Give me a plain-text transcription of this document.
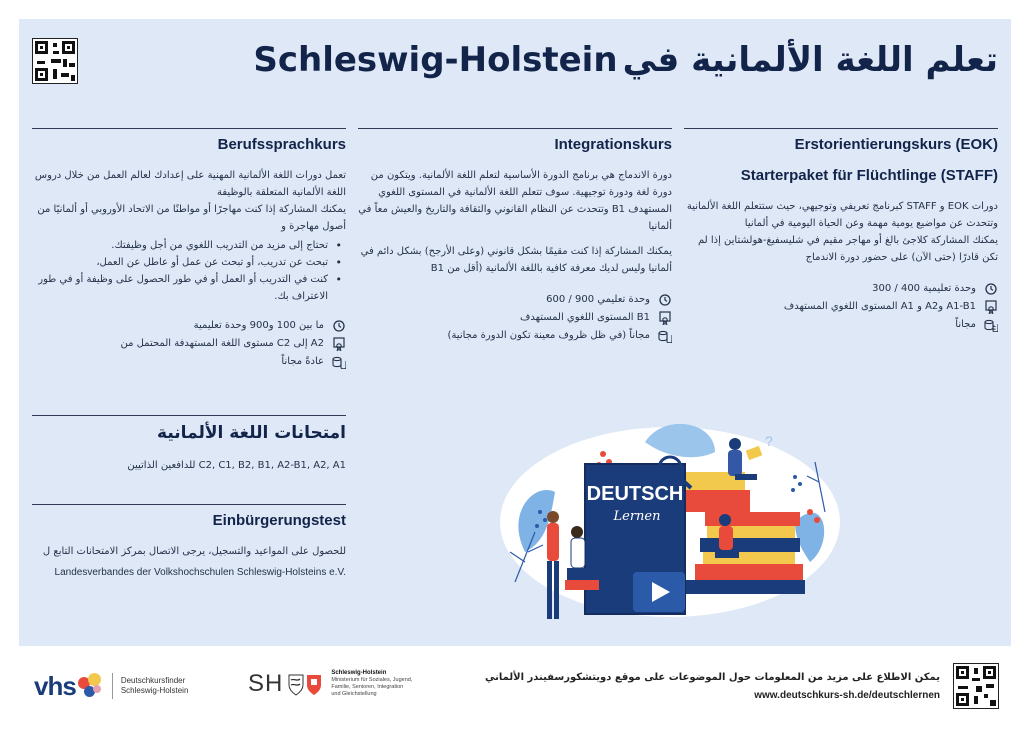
تعلم اللغة الألمانية في Schleswig-Holstein
Erstorientierungskurs (EOK)
Starterpaket für Flüchtlinge (STAFF)

دورات EOK و STAFF كبرنامج تعريفي وتوجيهي، حيث ستتعلم اللغة الألمانية وتتحدث عن مواضيع يومية مهمة وعن الحياة اليومية في ألمانيا

يمكنك المشاركة كلاجئ بالغ أو مهاجر مقيم في شليسفيغ-هولشتاين إذا لم تكن قادرًا (حتى الآن) على حضور دورة الاندماج

وحدة تعليمية 400 / 300
A1-B1 وA2 و A1 المستوى اللغوي المستهدف
مجاناً
Integrationskurs

دورة الاندماج هي برنامج الدورة الأساسية لتعلم اللغة الألمانية. ويتكون من دورة لغة ودورة توجيهية. سوف تتعلم اللغة الألمانية في المستوى اللغوي المستهدف B1 وتتحدث عن النظام القانوني والثقافة والتاريخ والعيش معاً في ألمانيا

يمكنك المشاركة إذا كنت مقيمًا بشكل قانوني (وعلى الأرجح) بشكل دائم في ألمانيا وليس لديك معرفة كافية باللغة الألمانية (أقل من B1

وحدة تعليمي 900 / 600
B1 المستوى اللغوي المستهدف
مجاناً (في ظل ظروف معينة تكون الدورة مجانية)
Berufssprachkurs

تعمل دورات اللغة الألمانية المهنية على إعدادك لعالم العمل من خلال دروس اللغة الألمانية المتعلقة بالوظيفة

يمكنك المشاركة إذا كنت مهاجرًا أو مواطنًا من الاتحاد الأوروبي أو ألمانيًا من أصول مهاجرة و

• تحتاج إلى مزيد من التدريب اللغوي من أجل وظيفتك.
• تبحث عن تدريب، أو تبحث عن عمل أو عاطل عن العمل،
• كنت في التدريب أو العمل أو في طور الحصول على وظيفة أو في طور الاعتراف بك.
ما بين 100 و900 وحدة تعليمية
A2 إلى C2 مستوى اللغة المستهدفة المحتمل من
عادةً مجاناً
امتحانات اللغة الألمانية

C2, C1, B2, B1, A2-B1, A2, A1 للدافعين الذاتيين

Einbürgerungstest

للحصول على المواعيد والتسجيل، يرجى الاتصال بمركز الامتحانات التابع ل

Landesverbandes der Volkshochschulen Schleswig-Holsteins e.V.

DEUTSCH
Lernen
?
vhs	Deutschkursfinder
Schleswig-Holstein SH	Schleswig-Holstein
Ministerium für Soziales, Jugend,
Familie, Senioren, Integration
und Gleichstellung
يمكن الاطلاع على مزيد من المعلومات حول الموضوعات على موقع دويتشكورسفيندر الألماني
www.deutschkurs-sh.de/deutschlernen
